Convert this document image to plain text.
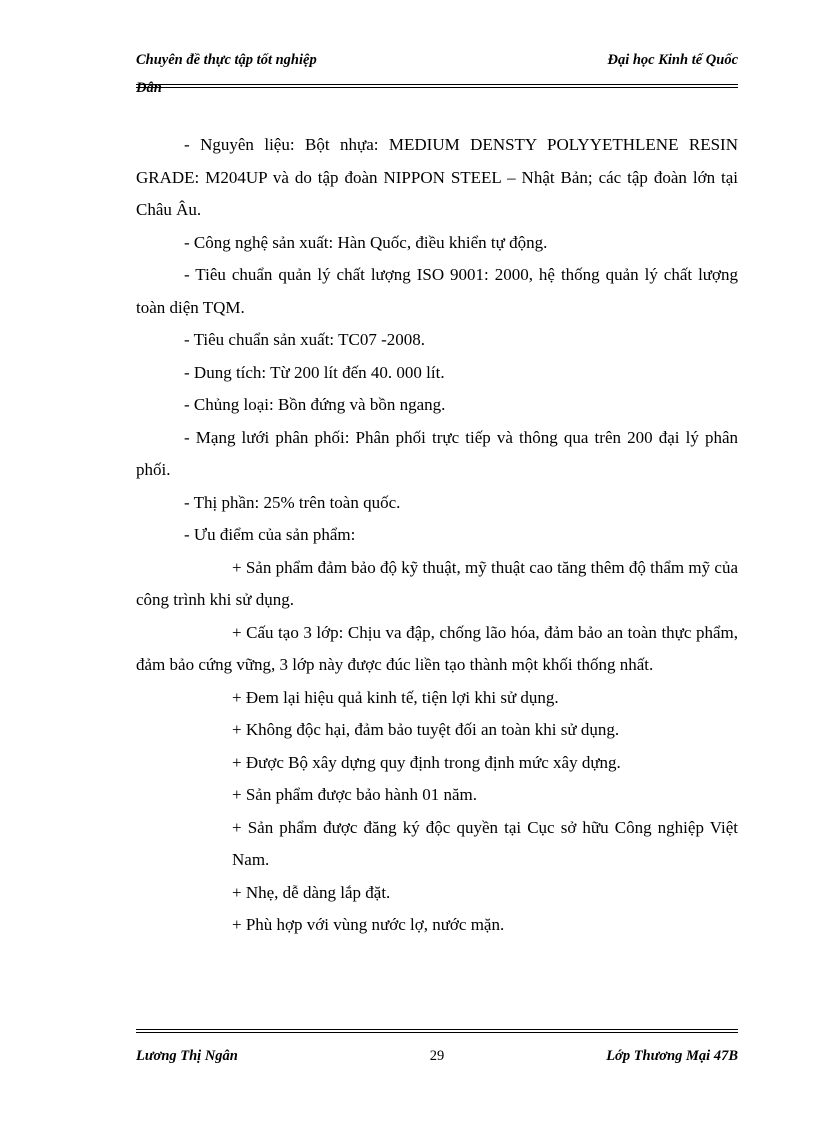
Chuyên đề thực tập tốt nghiệp	Đại học Kinh tế Quốc
Dân

- Nguyên liệu: Bột nhựa: MEDIUM DENSTY POLYYETHLENE RESIN GRADE: M204UP và do tập đoàn NIPPON STEEL – Nhật Bản; các tập đoàn lớn tại Châu Âu.

- Công nghệ sản xuất: Hàn Quốc, điều khiển tự động.

- Tiêu chuẩn quản lý chất lượng ISO 9001: 2000, hệ thống quản lý chất lượng toàn diện TQM.

- Tiêu chuẩn sản xuất: TC07 -2008.

- Dung tích: Từ 200 lít đến 40. 000 lít.

- Chủng loại: Bồn đứng và bồn ngang.

- Mạng lưới phân phối: Phân phối trực tiếp và thông qua trên 200 đại lý phân phối.

- Thị phần: 25% trên toàn quốc.

- Ưu điểm của sản phẩm:

+ Sản phẩm đảm bảo độ kỹ thuật, mỹ thuật cao tăng thêm độ thẩm mỹ của công trình khi sử dụng.

+ Cấu tạo 3 lớp: Chịu va đập, chống lão hóa, đảm bảo an toàn thực phẩm, đảm bảo cứng vững, 3 lớp này được đúc liền tạo thành một khối thống nhất.

+ Đem lại hiệu quả kinh tế, tiện lợi khi sử dụng.

+ Không độc hại, đảm bảo tuyệt đối an toàn khi sử dụng.

+ Được Bộ xây dựng quy định trong định mức xây dựng.

+ Sản phẩm được bảo hành 01 năm.

+ Sản phẩm được đăng ký độc quyền tại Cục sở hữu Công nghiệp Việt Nam.

+ Nhẹ, dễ dàng lắp đặt.

+ Phù hợp với vùng nước lợ, nước mặn.

Lương Thị Ngân	29	Lớp Thương Mại 47B
